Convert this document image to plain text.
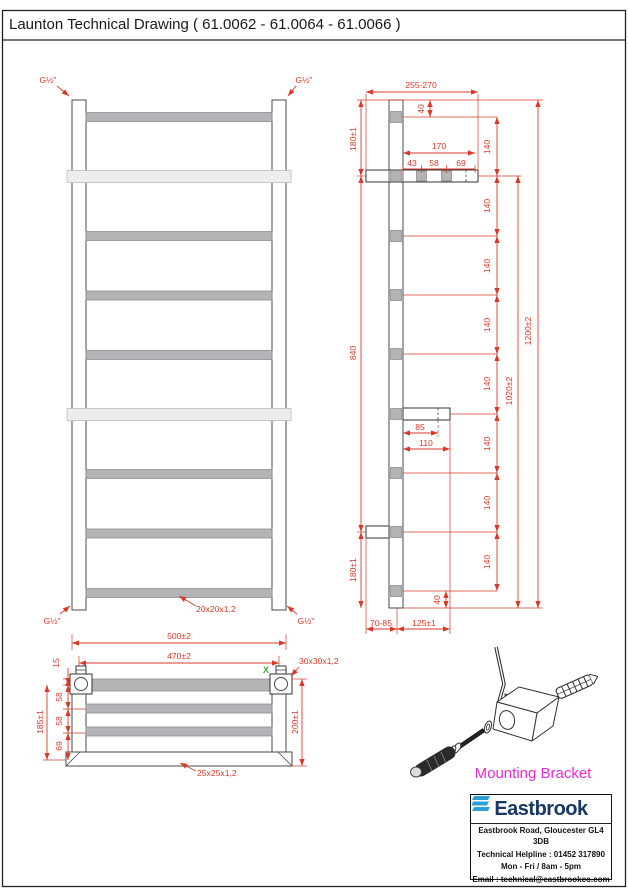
Launton Technical Drawing ( 61.0062 - 61.0064 - 61.0066 )
G½"	G½"
G½"	G½"
20x20x1,2
500±2
470±2
255-270
40
170
43 58 69
180±1
840
180±1
140
140
140
140
140
140
140
140
1020±2
1200±2
85
110
40
70-85 125±1
X
30x30x1,2
25x25x1,2
15
58
58
69
185±1	200±1
Mounting Bracket
Eastbrook
Eastbrook Road, Gloucester GL4 3DB
Technical Helpline : 01452 317890
Mon - Fri / 8am - 5pm
Email : technical@eastbrookco.com
